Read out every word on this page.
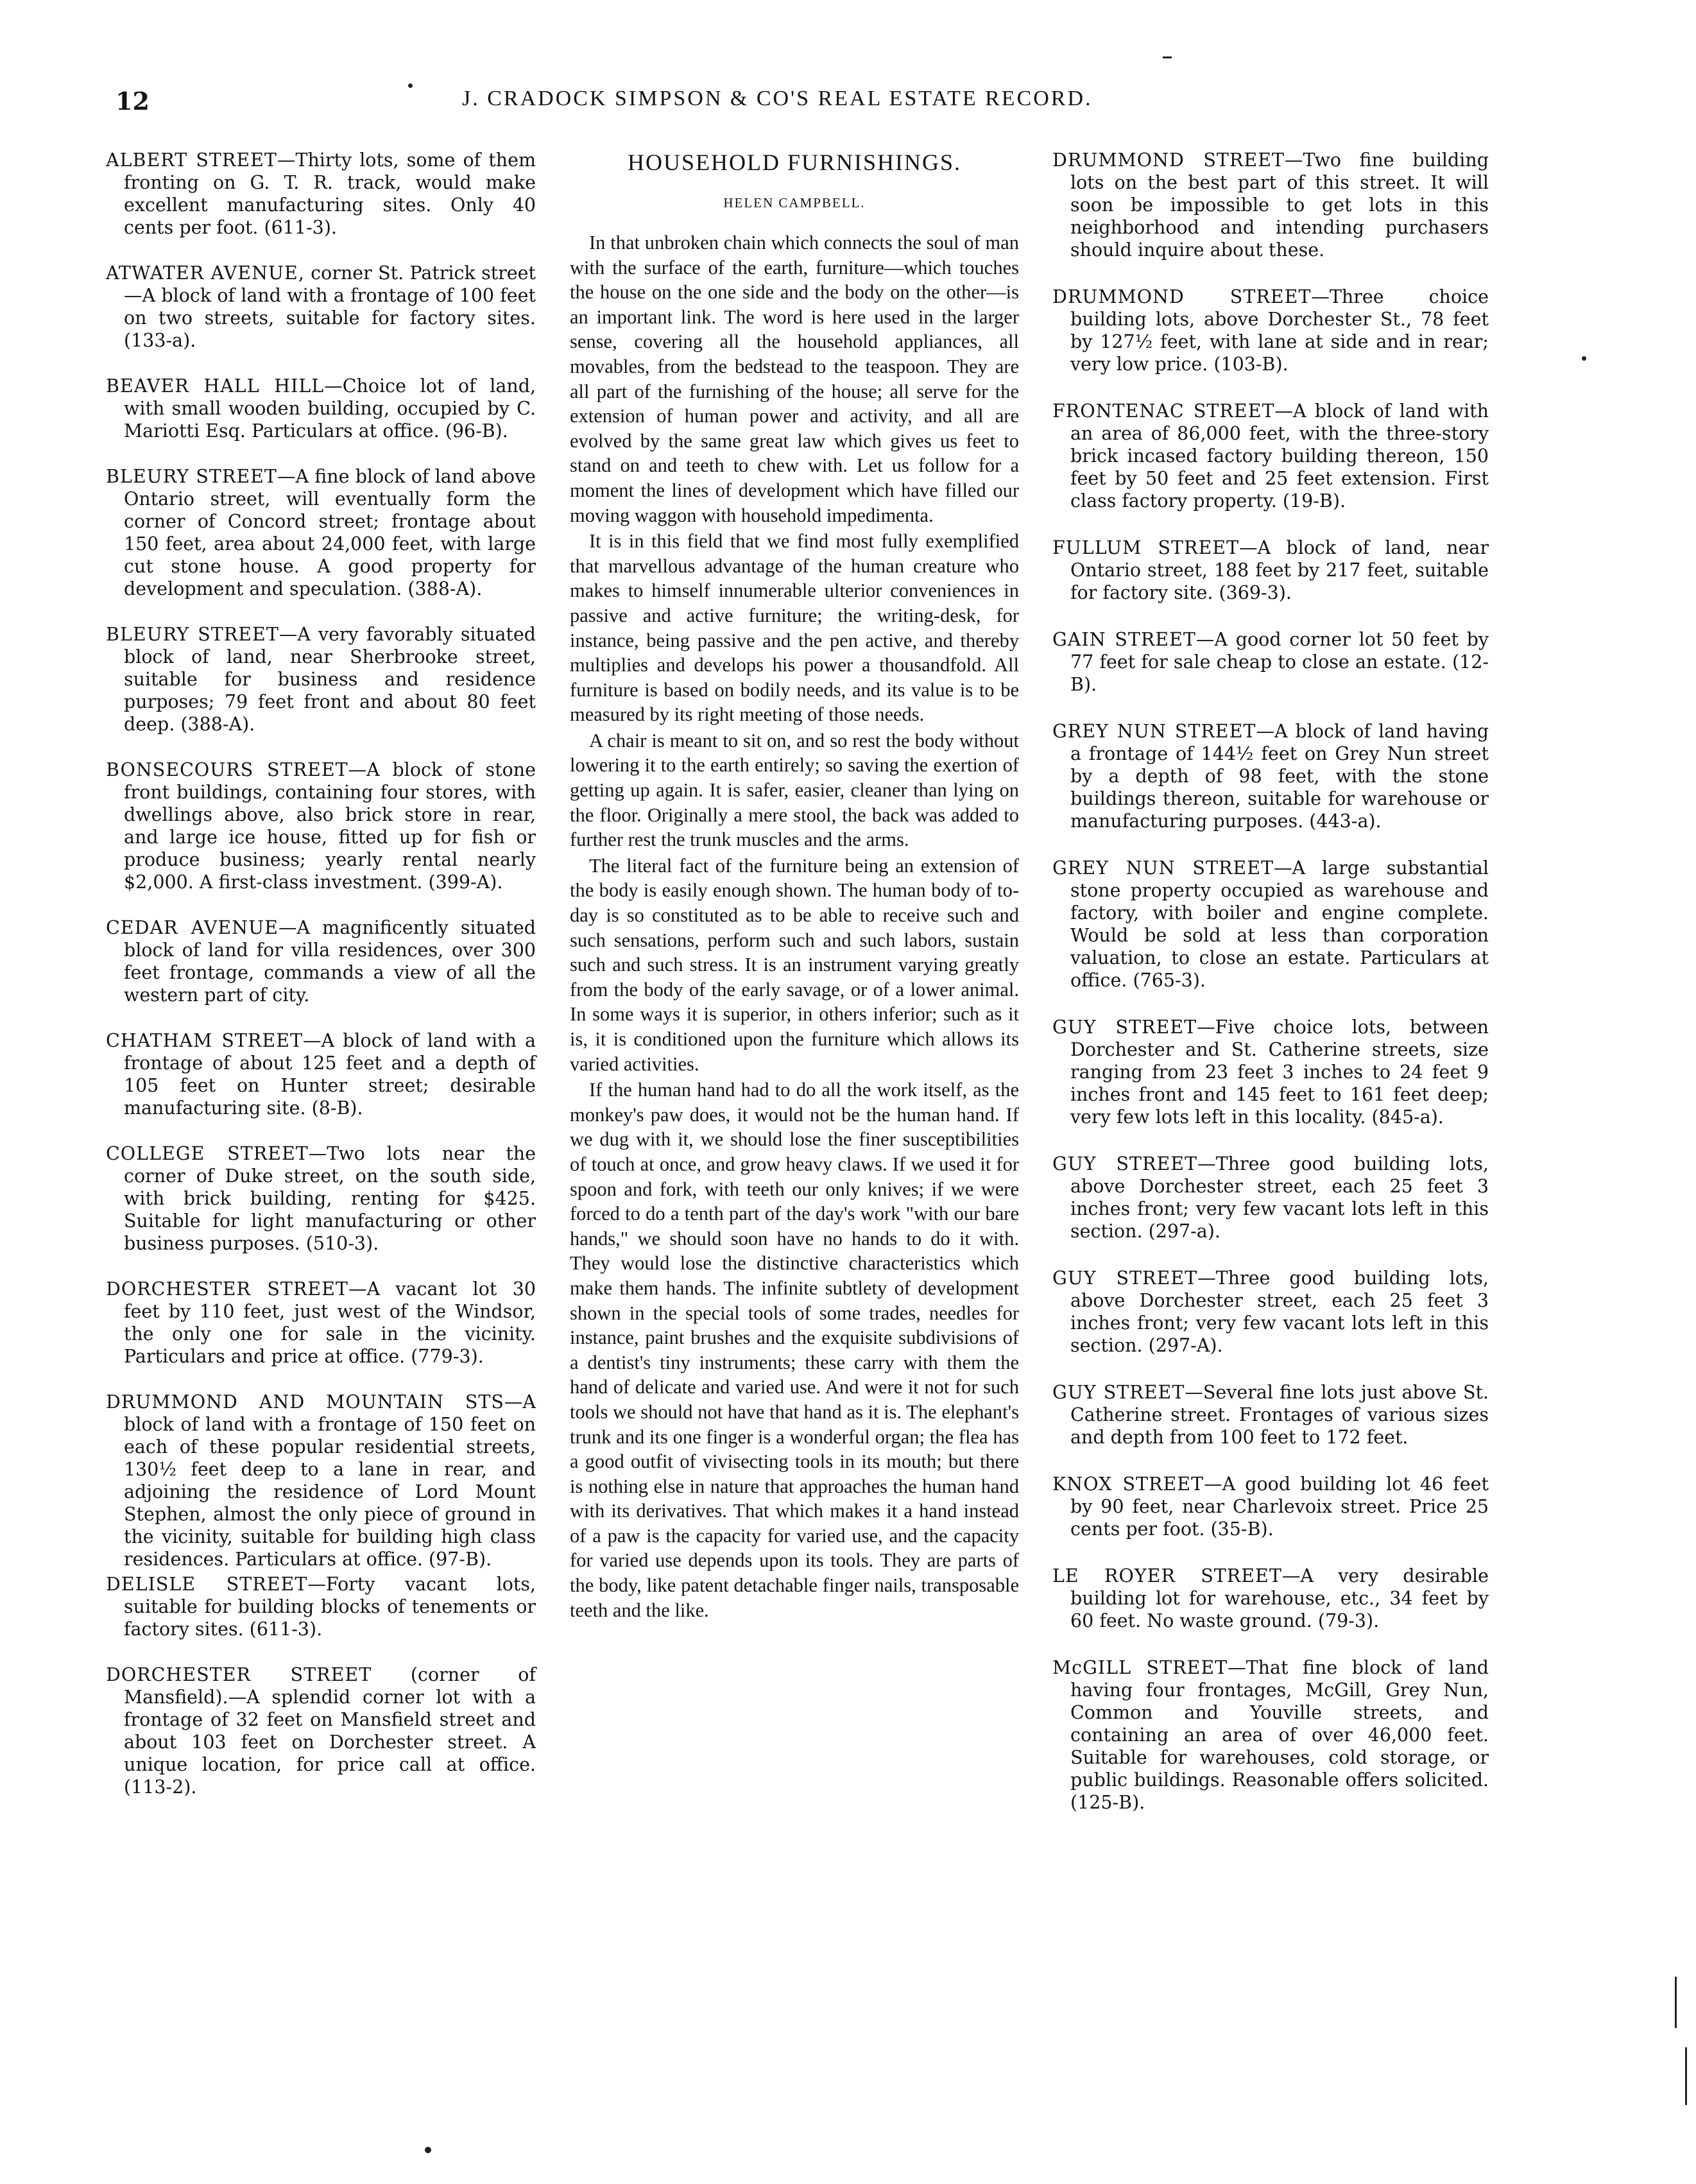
12	J. CRADOCK SIMPSON & CO'S REAL ESTATE RECORD.

ALBERT STREET—Thirty lots, some of them fronting on G. T. R. track, would make excellent manufacturing sites. Only 40 cents per foot. (611-3).

ATWATER AVENUE, corner St. Patrick street—A block of land with a frontage of 100 feet on two streets, suitable for factory sites. (133-a).

BEAVER HALL HILL—Choice lot of land, with small wooden building, occupied by C. Mariotti Esq. Particulars at office. (96-B).

BLEURY STREET—A fine block of land above Ontario street, will eventually form the corner of Concord street; frontage about 150 feet, area about 24,000 feet, with large cut stone house. A good property for development and speculation. (388-A).

BLEURY STREET—A very favorably situated block of land, near Sherbrooke street, suitable for business and residence purposes; 79 feet front and about 80 feet deep. (388-A).

BONSECOURS STREET—A block of stone front buildings, containing four stores, with dwellings above, also brick store in rear, and large ice house, fitted up for fish or produce business; yearly rental nearly $2,000. A first-class investment. (399-A).

CEDAR AVENUE—A magnificently situated block of land for villa residences, over 300 feet frontage, commands a view of all the western part of city.

CHATHAM STREET—A block of land with a frontage of about 125 feet and a depth of 105 feet on Hunter street; desirable manufacturing site. (8-B).

COLLEGE STREET—Two lots near the corner of Duke street, on the south side, with brick building, renting for $425. Suitable for light manufacturing or other business purposes. (510-3).

DORCHESTER STREET—A vacant lot 30 feet by 110 feet, just west of the Windsor, the only one for sale in the vicinity. Particulars and price at office. (779-3).

DRUMMOND AND MOUNTAIN STS—A block of land with a frontage of 150 feet on each of these popular residential streets, 130½ feet deep to a lane in rear, and adjoining the residence of Lord Mount Stephen, almost the only piece of ground in the vicinity, suitable for building high class residences. Particulars at office. (97-B).

DELISLE STREET—Forty vacant lots, suitable for building blocks of tenements or factory sites. (611-3).

DORCHESTER STREET (corner of Mansfield).—A splendid corner lot with a frontage of 32 feet on Mansfield street and about 103 feet on Dorchester street. A unique location, for price call at office. (113-2).

HOUSEHOLD FURNISHINGS.
HELEN CAMPBELL.

In that unbroken chain which connects the soul of man with the surface of the earth, furniture—which touches the house on the one side and the body on the other—is an important link. The word is here used in the larger sense, covering all the household appliances, all movables, from the bedstead to the teaspoon. They are all part of the furnishing of the house; all serve for the extension of human power and activity, and all are evolved by the same great law which gives us feet to stand on and teeth to chew with. Let us follow for a moment the lines of development which have filled our moving waggon with household impedimenta.

It is in this field that we find most fully exemplified that marvellous advantage of the human creature who makes to himself innumerable ulterior conveniences in passive and active furniture; the writing-desk, for instance, being passive and the pen active, and thereby multiplies and develops his power a thousandfold. All furniture is based on bodily needs, and its value is to be measured by its right meeting of those needs.

A chair is meant to sit on, and so rest the body without lowering it to the earth entirely; so saving the exertion of getting up again. It is safer, easier, cleaner than lying on the floor. Originally a mere stool, the back was added to further rest the trunk muscles and the arms.

The literal fact of the furniture being an extension of the body is easily enough shown. The human body of to-day is so constituted as to be able to receive such and such sensations, perform such and such labors, sustain such and such stress. It is an instrument varying greatly from the body of the early savage, or of a lower animal. In some ways it is superior, in others inferior; such as it is, it is conditioned upon the furniture which allows its varied activities.

If the human hand had to do all the work itself, as the monkey's paw does, it would not be the human hand. If we dug with it, we should lose the finer susceptibilities of touch at once, and grow heavy claws. If we used it for spoon and fork, with teeth our only knives; if we were forced to do a tenth part of the day's work "with our bare hands," we should soon have no hands to do it with. They would lose the distinctive characteristics which make them hands. The infinite subtlety of development shown in the special tools of some trades, needles for instance, paint brushes and the exquisite subdivisions of a dentist's tiny instruments; these carry with them the hand of delicate and varied use. And were it not for such tools we should not have that hand as it is. The elephant's trunk and its one finger is a wonderful organ; the flea has a good outfit of vivisecting tools in its mouth; but there is nothing else in nature that approaches the human hand with its derivatives. That which makes it a hand instead of a paw is the capacity for varied use, and the capacity for varied use depends upon its tools. They are parts of the body, like patent detachable finger nails, transposable teeth and the like.

DRUMMOND STREET—Two fine building lots on the best part of this street. It will soon be impossible to get lots in this neighborhood and intending purchasers should inquire about these.

DRUMMOND STREET—Three choice building lots, above Dorchester St., 78 feet by 127½ feet, with lane at side and in rear; very low price. (103-B).

FRONTENAC STREET—A block of land with an area of 86,000 feet, with the three-story brick incased factory building thereon, 150 feet by 50 feet and 25 feet extension. First class factory property. (19-B).

FULLUM STREET—A block of land, near Ontario street, 188 feet by 217 feet, suitable for factory site. (369-3).

GAIN STREET—A good corner lot 50 feet by 77 feet for sale cheap to close an estate. (12-B).

GREY NUN STREET—A block of land having a frontage of 144½ feet on Grey Nun street by a depth of 98 feet, with the stone buildings thereon, suitable for warehouse or manufacturing purposes. (443-a).

GREY NUN STREET—A large substantial stone property occupied as warehouse and factory, with boiler and engine complete. Would be sold at less than corporation valuation, to close an estate. Particulars at office. (765-3).

GUY STREET—Five choice lots, between Dorchester and St. Catherine streets, size ranging from 23 feet 3 inches to 24 feet 9 inches front and 145 feet to 161 feet deep; very few lots left in this locality. (845-a).

GUY STREET—Three good building lots, above Dorchester street, each 25 feet 3 inches front; very few vacant lots left in this section. (297-a).

GUY STREET—Three good building lots, above Dorchester street, each 25 feet 3 inches front; very few vacant lots left in this section. (297-A).

GUY STREET—Several fine lots just above St. Catherine street. Frontages of various sizes and depth from 100 feet to 172 feet.

KNOX STREET—A good building lot 46 feet by 90 feet, near Charlevoix street. Price 25 cents per foot. (35-B).

LE ROYER STREET—A very desirable building lot for warehouse, etc., 34 feet by 60 feet. No waste ground. (79-3).

McGILL STREET—That fine block of land having four frontages, McGill, Grey Nun, Common and Youville streets, and containing an area of over 46,000 feet. Suitable for warehouses, cold storage, or public buildings. Reasonable offers solicited. (125-B).
